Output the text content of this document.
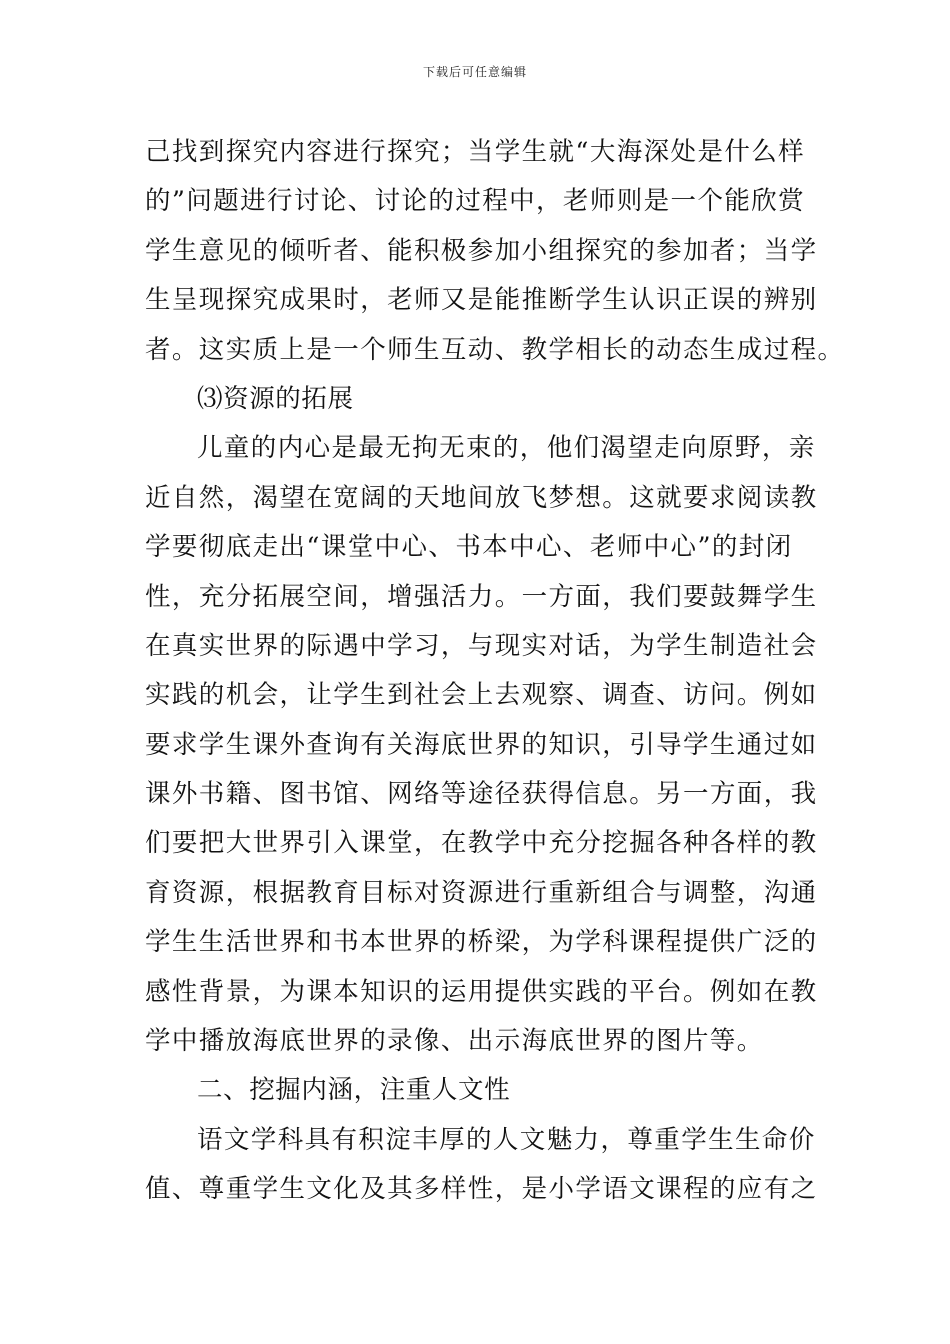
下载后可任意编辑
己找到探究内容进行探究；当学生就“大海深处是什么样
的”问题进行讨论、讨论的过程中，老师则是一个能欣赏
学生意见的倾听者、能积极参加小组探究的参加者；当学
生呈现探究成果时，老师又是能推断学生认识正误的辨别
者。这实质上是一个师生互动、教学相长的动态生成过程。
⑶资源的拓展
儿童的内心是最无拘无束的，他们渴望走向原野，亲
近自然，渴望在宽阔的天地间放飞梦想。这就要求阅读教
学要彻底走出“课堂中心、书本中心、老师中心”的封闭
性，充分拓展空间，增强活力。一方面，我们要鼓舞学生
在真实世界的际遇中学习，与现实对话，为学生制造社会
实践的机会，让学生到社会上去观察、调查、访问。例如
要求学生课外查询有关海底世界的知识，引导学生通过如
课外书籍、图书馆、网络等途径获得信息。另一方面，我
们要把大世界引入课堂，在教学中充分挖掘各种各样的教
育资源，根据教育目标对资源进行重新组合与调整，沟通
学生生活世界和书本世界的桥梁，为学科课程提供广泛的
感性背景，为课本知识的运用提供实践的平台。例如在教
学中播放海底世界的录像、出示海底世界的图片等。
二、挖掘内涵，注重人文性
语文学科具有积淀丰厚的人文魅力，尊重学生生命价
值、尊重学生文化及其多样性，是小学语文课程的应有之
